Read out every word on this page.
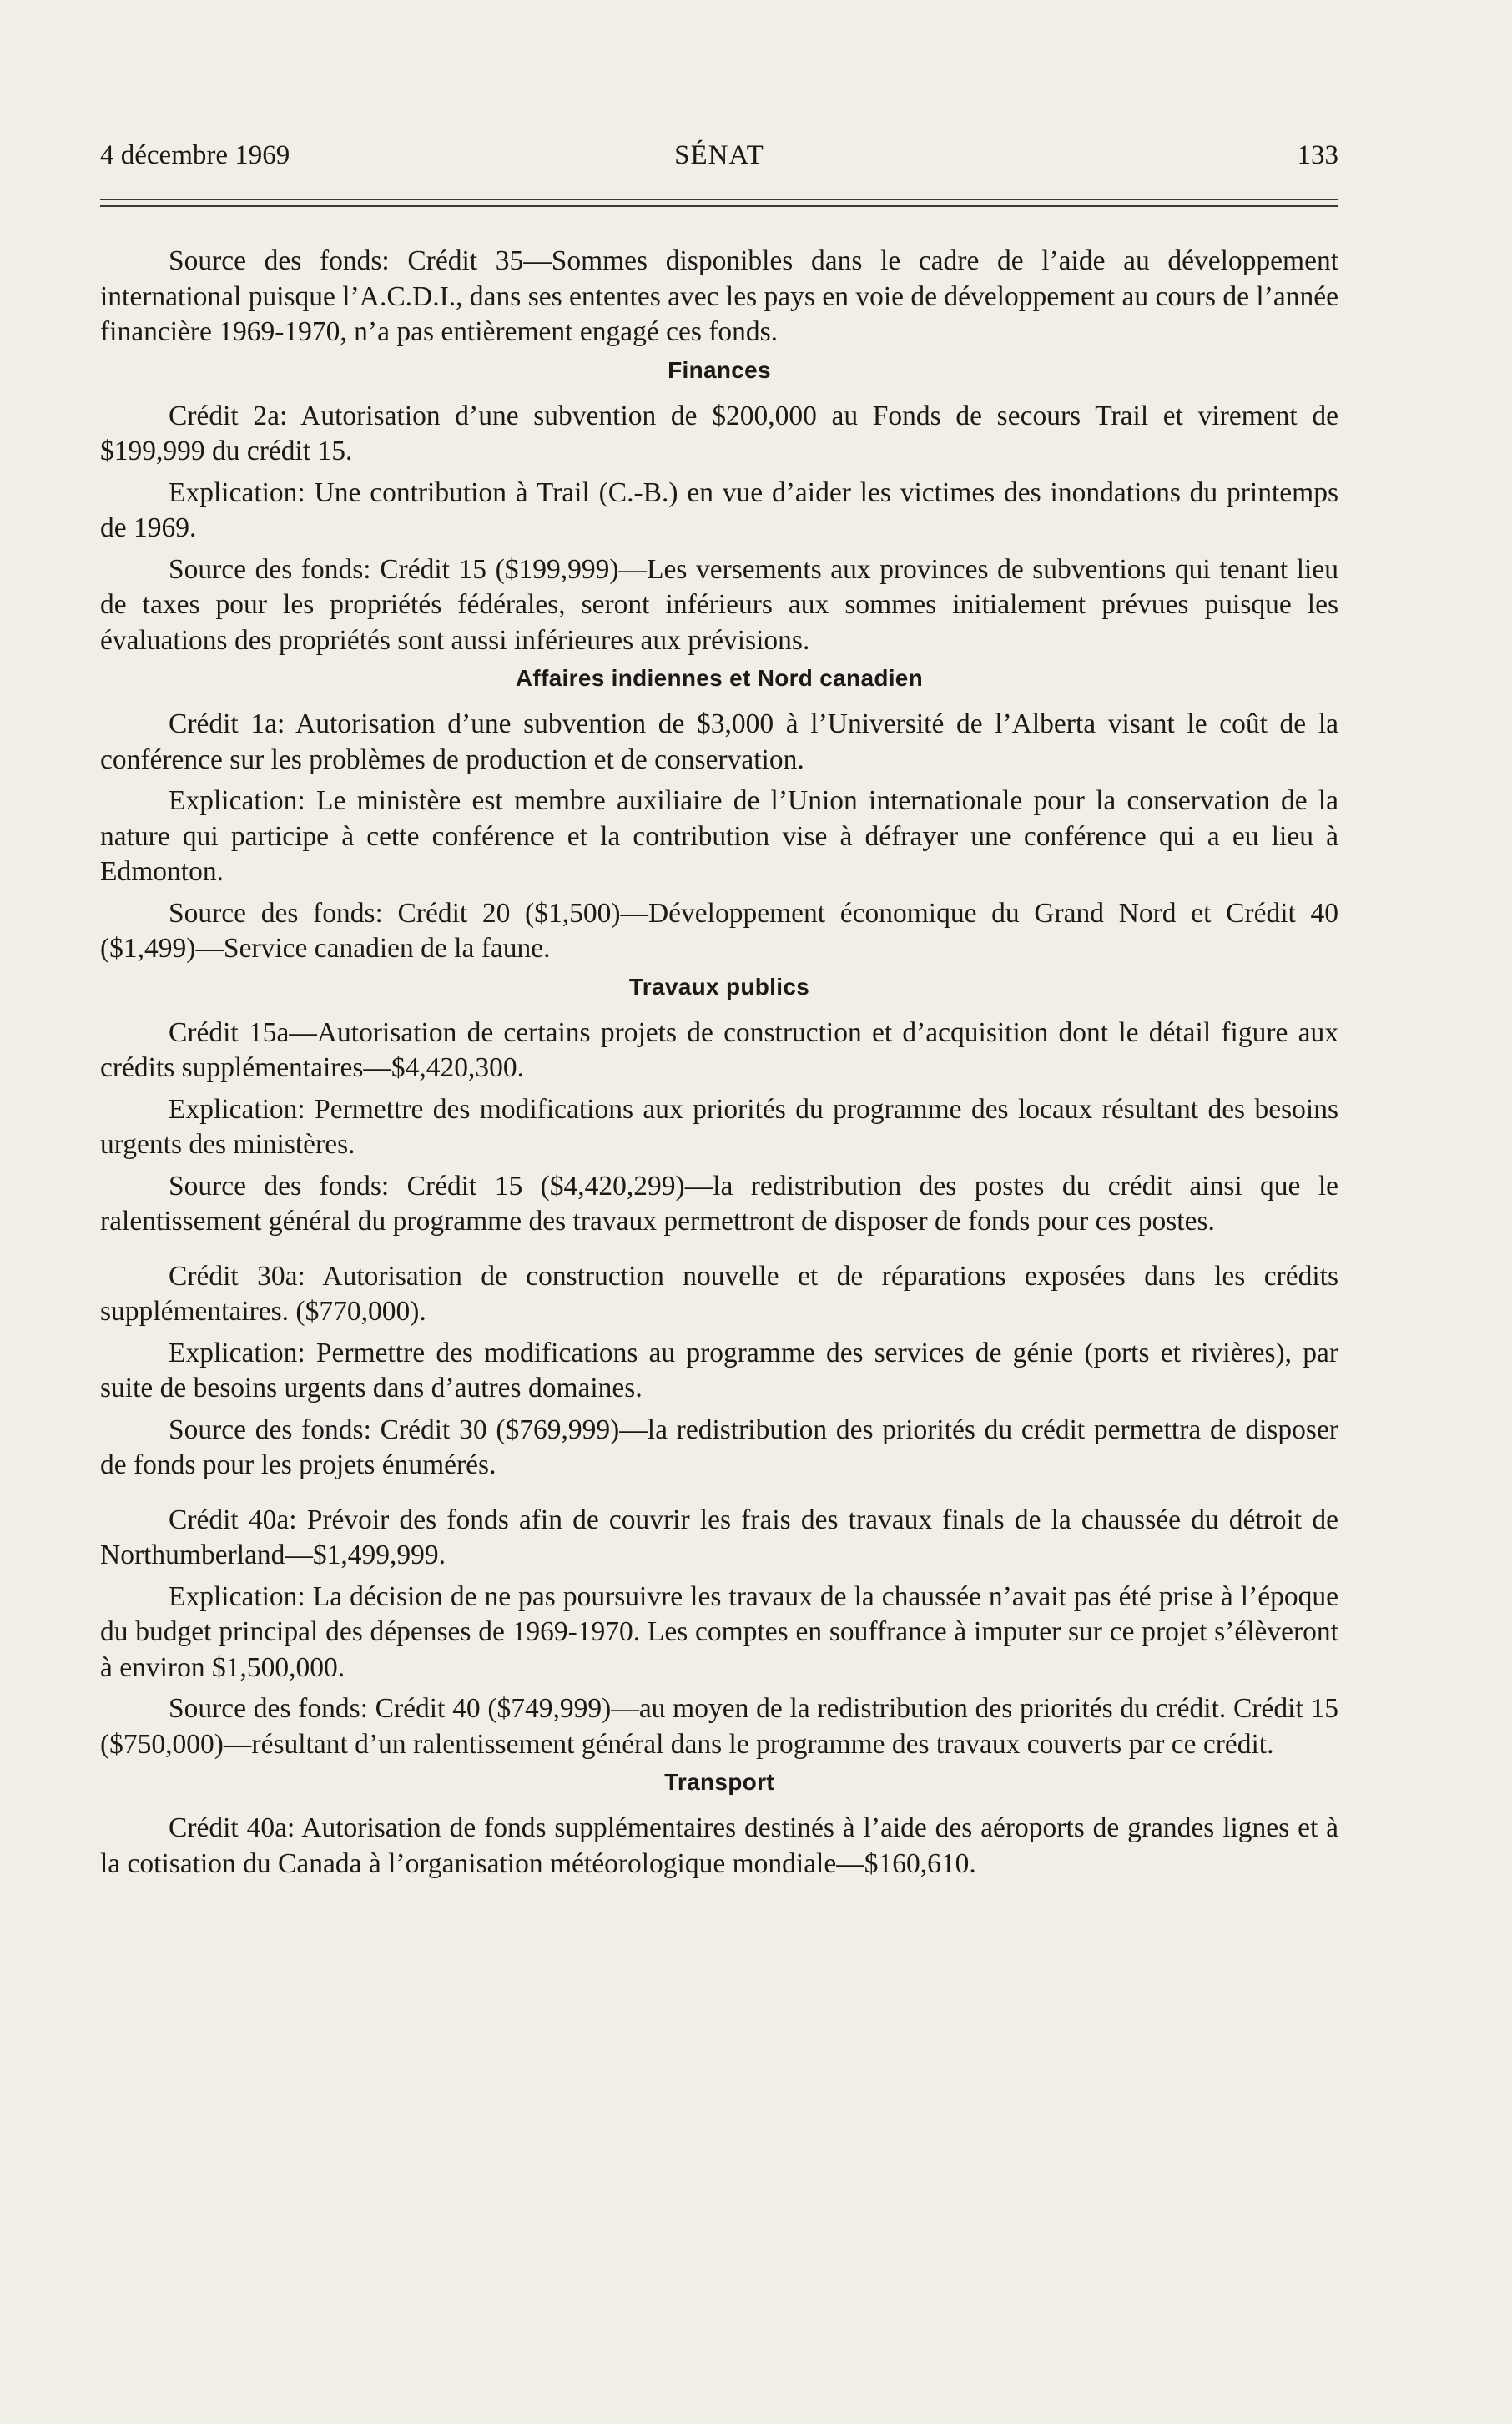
4 décembre 1969	SÉNAT	133

Source des fonds: Crédit 35—Sommes disponibles dans le cadre de l’aide au développement international puisque l’A.C.D.I., dans ses ententes avec les pays en voie de développement au cours de l’année financière 1969-1970, n’a pas entièrement engagé ces fonds.

Finances

Crédit 2a: Autorisation d’une subvention de $200,000 au Fonds de secours Trail et virement de $199,999 du crédit 15.

Explication: Une contribution à Trail (C.-B.) en vue d’aider les victimes des inondations du printemps de 1969.

Source des fonds: Crédit 15 ($199,999)—Les versements aux provinces de subventions qui tenant lieu de taxes pour les propriétés fédérales, seront inférieurs aux sommes initialement prévues puisque les évaluations des propriétés sont aussi inférieures aux prévisions.

Affaires indiennes et Nord canadien

Crédit 1a: Autorisation d’une subvention de $3,000 à l’Université de l’Alberta visant le coût de la conférence sur les problèmes de production et de conservation.

Explication: Le ministère est membre auxiliaire de l’Union internationale pour la conservation de la nature qui participe à cette conférence et la contribution vise à défrayer une conférence qui a eu lieu à Edmonton.

Source des fonds: Crédit 20 ($1,500)—Développement économique du Grand Nord et Crédit 40 ($1,499)—Service canadien de la faune.

Travaux publics

Crédit 15a—Autorisation de certains projets de construction et d’acquisition dont le détail figure aux crédits supplémentaires—$4,420,300.

Explication: Permettre des modifications aux priorités du programme des locaux résultant des besoins urgents des ministères.

Source des fonds: Crédit 15 ($4,420,299)—la redistribution des postes du crédit ainsi que le ralentissement général du programme des travaux permettront de disposer de fonds pour ces postes.

Crédit 30a: Autorisation de construction nouvelle et de réparations exposées dans les crédits supplémentaires. ($770,000).

Explication: Permettre des modifications au programme des services de génie (ports et rivières), par suite de besoins urgents dans d’autres domaines.

Source des fonds: Crédit 30 ($769,999)—la redistribution des priorités du crédit permettra de disposer de fonds pour les projets énumérés.

Crédit 40a: Prévoir des fonds afin de couvrir les frais des travaux finals de la chaussée du détroit de Northumberland—$1,499,999.

Explication: La décision de ne pas poursuivre les travaux de la chaussée n’avait pas été prise à l’époque du budget principal des dépenses de 1969-1970. Les comptes en souffrance à imputer sur ce projet s’élèveront à environ $1,500,000.

Source des fonds: Crédit 40 ($749,999)—au moyen de la redistribution des priorités du crédit. Crédit 15 ($750,000)—résultant d’un ralentissement général dans le programme des travaux couverts par ce crédit.

Transport

Crédit 40a: Autorisation de fonds supplémentaires destinés à l’aide des aéroports de grandes lignes et à la cotisation du Canada à l’organisation météorologique mondiale—$160,610.
